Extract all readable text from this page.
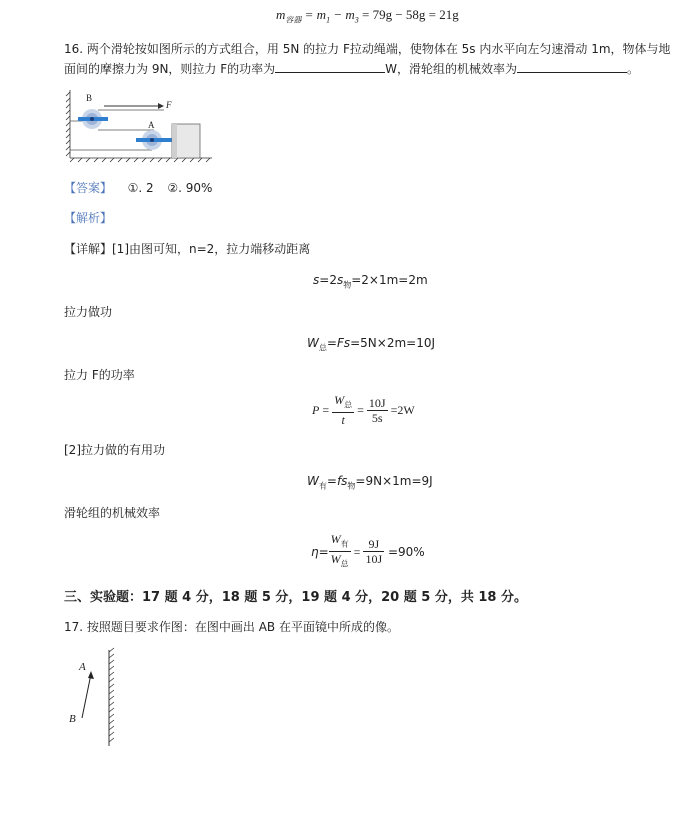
$m_{容器} = m_1 - m_3 = 79g - 58g = 21g$
16. 两个滑轮按如图所示的方式组合，用 5N 的拉力 F拉动绳端，使物体在 5s 内水平向左匀速滑动 1m，物体与地
面间的摩擦力为 9N，则拉力 F的功率为	W，滑轮组的机械效率为	。
B
A
F
【答案】 ①. 2 ②. 90%
【解析】
【详解】[1]由图可知，n=2，拉力端移动距离
$s=2s_物=2\times 1m=2m$
拉力做功
$W_总=Fs=5N\times 2m=10J$
拉力 F的功率
$P = \frac{W_总}{t} = \frac{10J}{5s} =2W$
[2]拉力做的有用功
$W_有=fs_物=9N\times 1m=9J$
滑轮组的机械效率
$\eta= \frac{W_有}{W_总} = \frac{9J}{10J} =90\%$
三、实验题：17 题 4 分，18 题 5 分，19 题 4 分，20 题 5 分，共 18 分。
17. 按照题目要求作图：在图中画出 AB 在平面镜中所成的像。
A
B
